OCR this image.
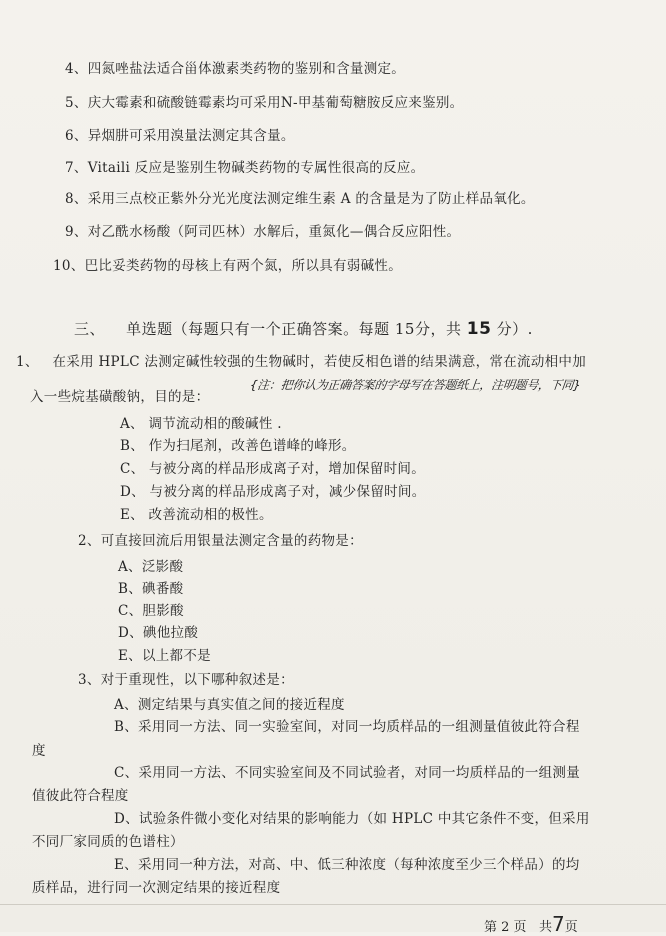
4、四氮唑盐法适合甾体激素类药物的鉴别和含量测定。
5、庆大霉素和硫酸链霉素均可采用N-甲基葡萄糖胺反应来鉴别。
6、异烟肼可采用溴量法测定其含量。
7、Vitaili 反应是鉴别生物碱类药物的专属性很高的反应。
8、采用三点校正紫外分光光度法测定维生素 A 的含量是为了防止样品氧化。
9、对乙酰水杨酸（阿司匹林）水解后，重氮化—偶合反应阳性。
10、巴比妥类药物的母核上有两个氮，所以具有弱碱性。
三、 单选题（每题只有一个正确答案。每题 15分，共 15 分）.
1、 在采用 HPLC 法测定碱性较强的生物碱时，若使反相色谱的结果满意，常在流动相中加
入一些烷基磺酸钠，目的是：
{注：把你认为正确答案的字母写在答题纸上，注明题号，下同}
A、 调节流动相的酸碱性 .
B、 作为扫尾剂，改善色谱峰的峰形。
C、 与被分离的样品形成离子对，增加保留时间。
D、 与被分离的样品形成离子对，减少保留时间。
E、 改善流动相的极性。
2、可直接回流后用银量法测定含量的药物是：
A、泛影酸
B、碘番酸
C、胆影酸
D、碘他拉酸
E、以上都不是
3、对于重现性，以下哪种叙述是：
A、测定结果与真实值之间的接近程度
B、采用同一方法、同一实验室间，对同一均质样品的一组测量值彼此符合程
度
C、采用同一方法、不同实验室间及不同试验者，对同一均质样品的一组测量
值彼此符合程度
D、试验条件微小变化对结果的影响能力（如 HPLC 中其它条件不变，但采用
不同厂家同质的色谱柱）
E、采用同一种方法，对高、中、低三种浓度（每种浓度至少三个样品）的均
质样品，进行同一次测定结果的接近程度
第 2 页 共7页
